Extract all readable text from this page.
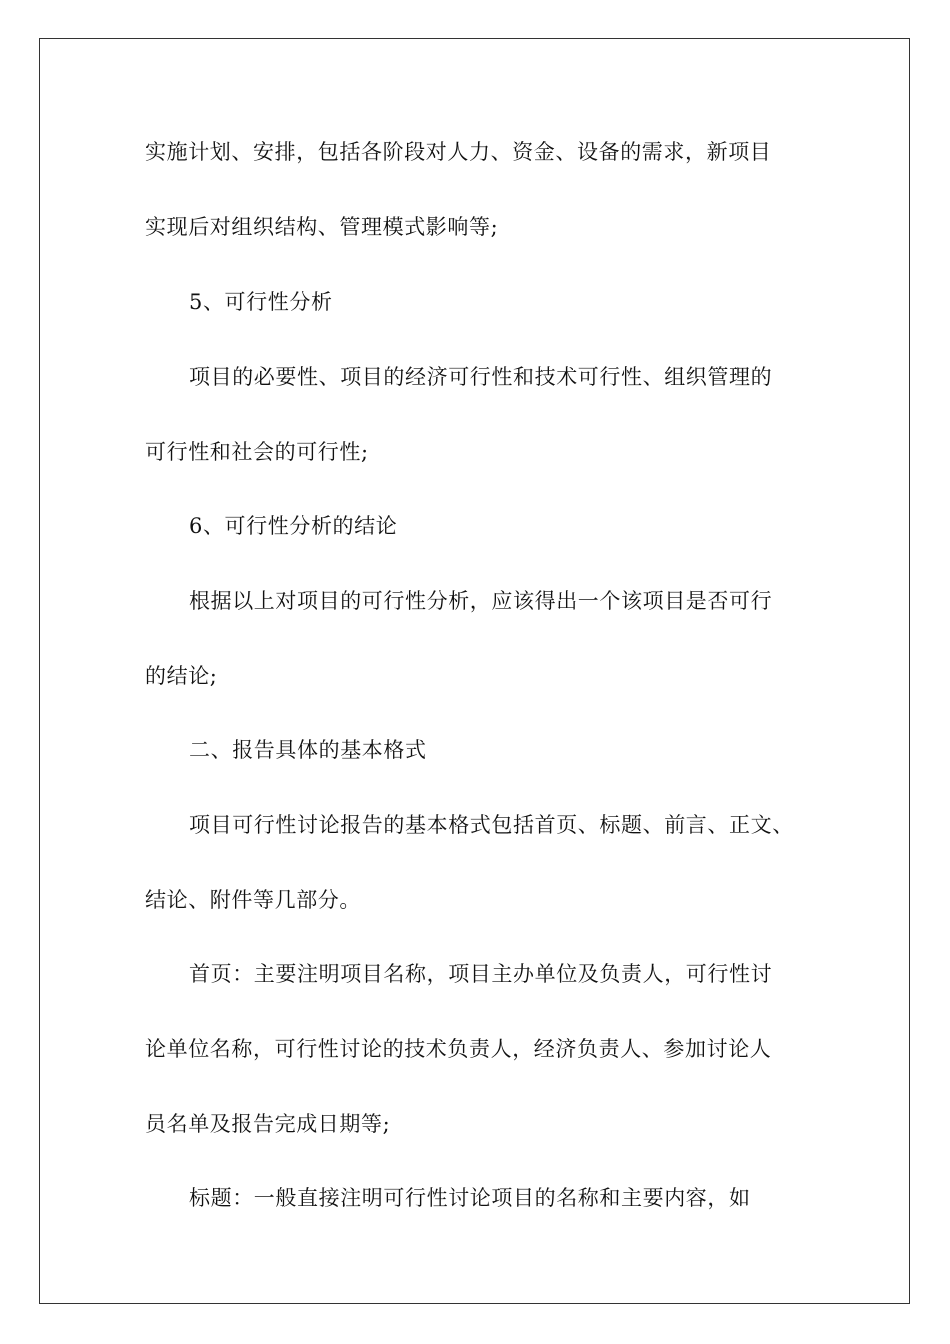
实施计划、安排，包括各阶段对人力、资金、设备的需求，新项目
实现后对组织结构、管理模式影响等;
5、可行性分析
项目的必要性、项目的经济可行性和技术可行性、组织管理的
可行性和社会的可行性;
6、可行性分析的结论
根据以上对项目的可行性分析，应该得出一个该项目是否可行
的结论;
二、报告具体的基本格式
项目可行性讨论报告的基本格式包括首页、标题、前言、正文、
结论、附件等几部分。
首页：主要注明项目名称，项目主办单位及负责人，可行性讨
论单位名称，可行性讨论的技术负责人，经济负责人、参加讨论人
员名单及报告完成日期等;
标题：一般直接注明可行性讨论项目的名称和主要内容，如
